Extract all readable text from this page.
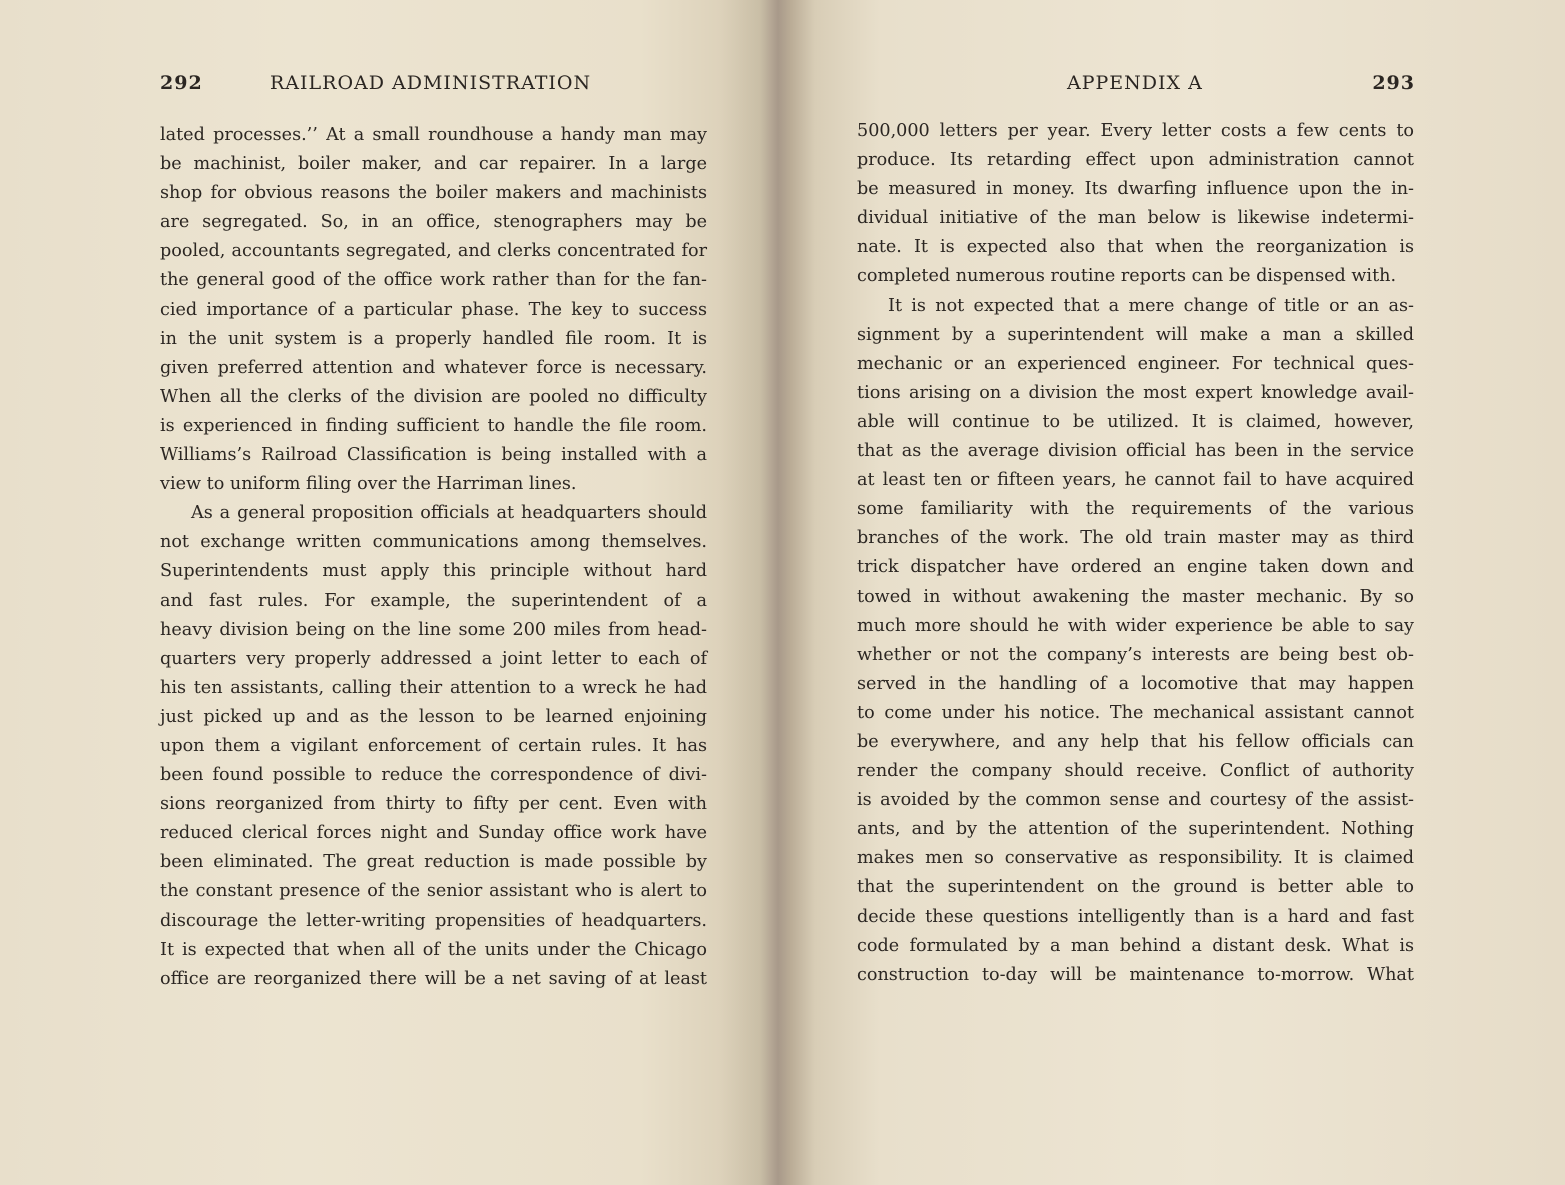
292	RAILROAD ADMINISTRATION
lated processes.’’ At a small roundhouse a handy man may
be machinist, boiler maker, and car repairer. In a large
shop for obvious reasons the boiler makers and machinists
are segregated. So, in an office, stenographers may be
pooled, accountants segregated, and clerks concentrated for
the general good of the office work rather than for the fan-
cied importance of a particular phase. The key to success
in the unit system is a properly handled file room. It is
given preferred attention and whatever force is necessary.
When all the clerks of the division are pooled no difficulty
is experienced in finding sufficient to handle the file room.
Williams’s Railroad Classification is being installed with a
view to uniform filing over the Harriman lines.
As a general proposition officials at headquarters should
not exchange written communications among themselves.
Superintendents must apply this principle without hard
and fast rules. For example, the superintendent of a
heavy division being on the line some 200 miles from head-
quarters very properly addressed a joint letter to each of
his ten assistants, calling their attention to a wreck he had
just picked up and as the lesson to be learned enjoining
upon them a vigilant enforcement of certain rules. It has
been found possible to reduce the correspondence of divi-
sions reorganized from thirty to fifty per cent. Even with
reduced clerical forces night and Sunday office work have
been eliminated. The great reduction is made possible by
the constant presence of the senior assistant who is alert to
discourage the letter-writing propensities of headquarters.
It is expected that when all of the units under the Chicago
office are reorganized there will be a net saving of at least
APPENDIX A	293
500,000 letters per year. Every letter costs a few cents to
produce. Its retarding effect upon administration cannot
be measured in money. Its dwarfing influence upon the in-
dividual initiative of the man below is likewise indetermi-
nate. It is expected also that when the reorganization is
completed numerous routine reports can be dispensed with.
It is not expected that a mere change of title or an as-
signment by a superintendent will make a man a skilled
mechanic or an experienced engineer. For technical ques-
tions arising on a division the most expert knowledge avail-
able will continue to be utilized. It is claimed, however,
that as the average division official has been in the service
at least ten or fifteen years, he cannot fail to have acquired
some familiarity with the requirements of the various
branches of the work. The old train master may as third
trick dispatcher have ordered an engine taken down and
towed in without awakening the master mechanic. By so
much more should he with wider experience be able to say
whether or not the company’s interests are being best ob-
served in the handling of a locomotive that may happen
to come under his notice. The mechanical assistant cannot
be everywhere, and any help that his fellow officials can
render the company should receive. Conflict of authority
is avoided by the common sense and courtesy of the assist-
ants, and by the attention of the superintendent. Nothing
makes men so conservative as responsibility. It is claimed
that the superintendent on the ground is better able to
decide these questions intelligently than is a hard and fast
code formulated by a man behind a distant desk. What is
construction to-day will be maintenance to-morrow. What
